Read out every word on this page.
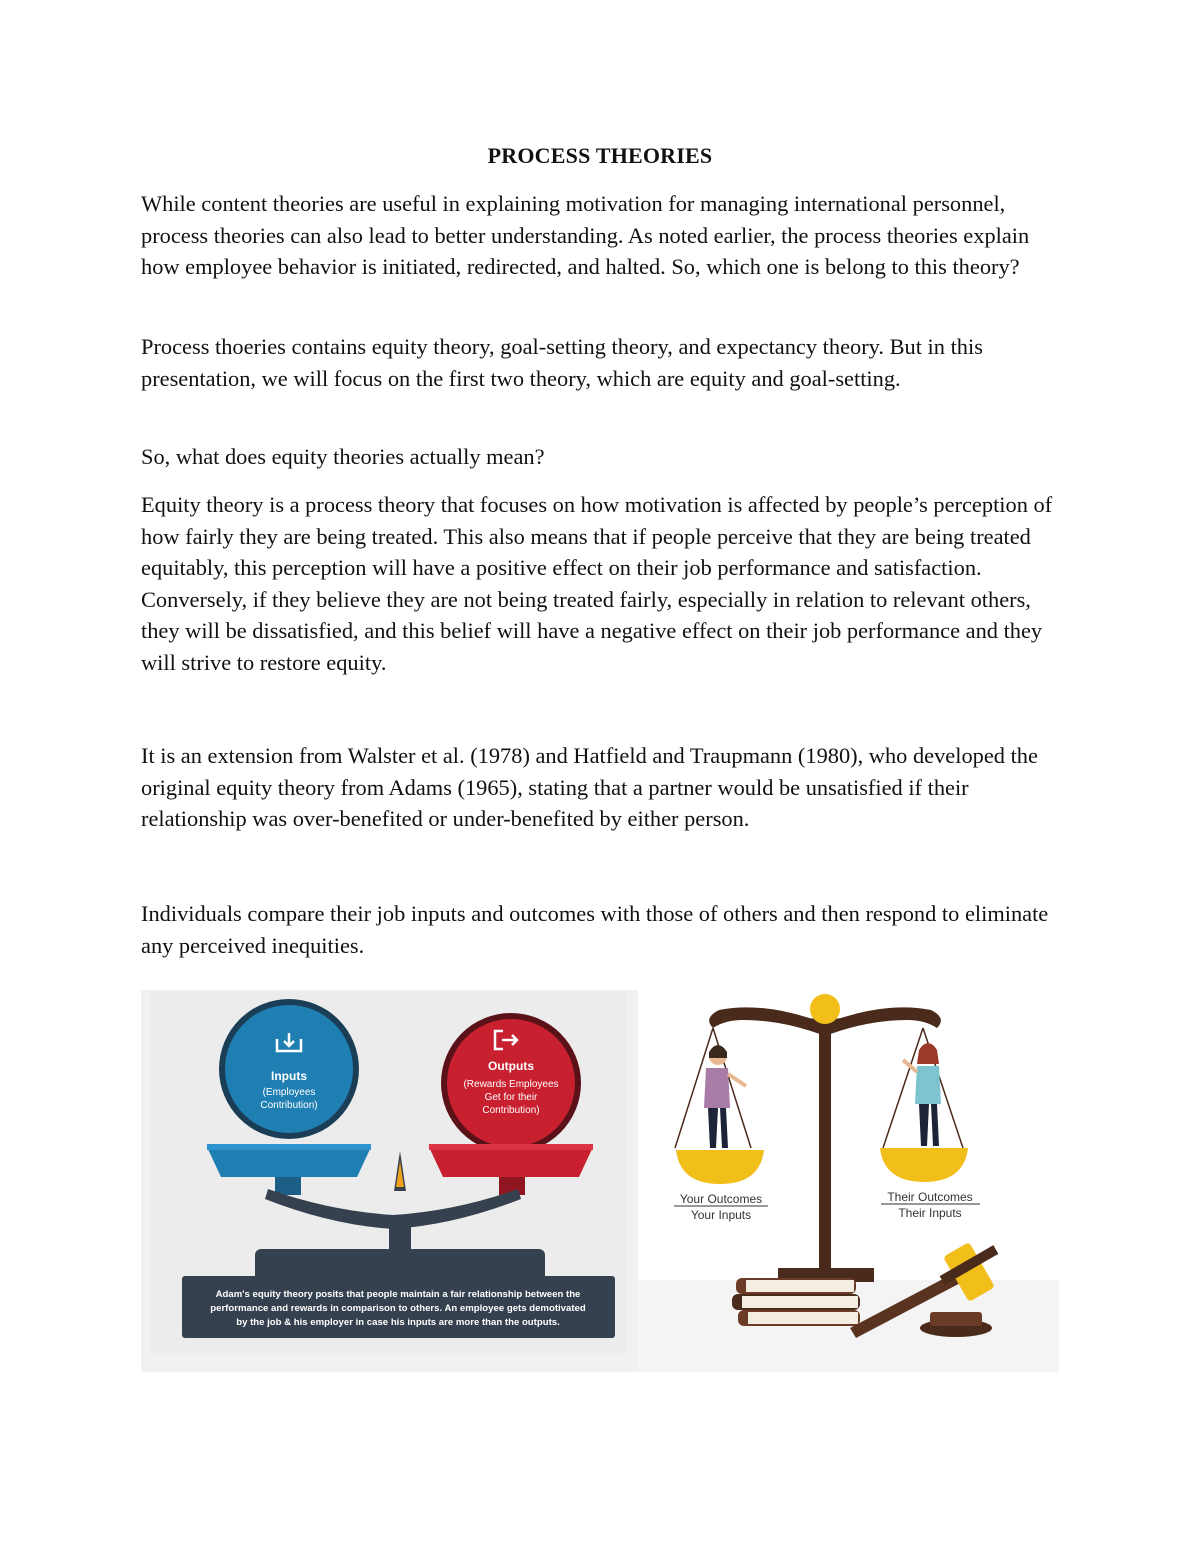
PROCESS THEORIES

While content theories are useful in explaining motivation for managing international personnel, process theories can also lead to better understanding. As noted earlier, the process theories explain how employee behavior is initiated, redirected, and halted. So, which one is belong to this theory?

Process thoeries contains equity theory, goal-setting theory, and expectancy theory. But in this presentation, we will focus on the first two theory, which are equity and goal-setting.

So, what does equity theories actually mean?

Equity theory is a process theory that focuses on how motivation is affected by people’s perception of how fairly they are being treated. This also means that if people perceive that they are being treated equitably, this perception will have a positive effect on their job performance and satisfaction. Conversely, if they believe they are not being treated fairly, especially in relation to relevant others, they will be dissatisfied, and this belief will have a negative effect on their job performance and they will strive to restore equity.

It is an extension from Walster et al. (1978) and Hatfield and Traupmann (1980), who developed the original equity theory from Adams (1965), stating that a partner would be unsatisfied if their relationship was over-benefited or under-benefited by either person.

Individuals compare their job inputs and outcomes with those of others and then respond to eliminate any perceived inequities.

Inputs
(Employees
Contribution)
Outputs
(Rewards Employees
Get for their
Contribution)
Adam's equity theory posits that people maintain a fair relationship between the
performance and rewards in comparison to others. An employee gets demotivated
by the job & his employer in case his inputs are more than the outputs.
Your Outcomes
Your Inputs
Their Outcomes
Their Inputs
